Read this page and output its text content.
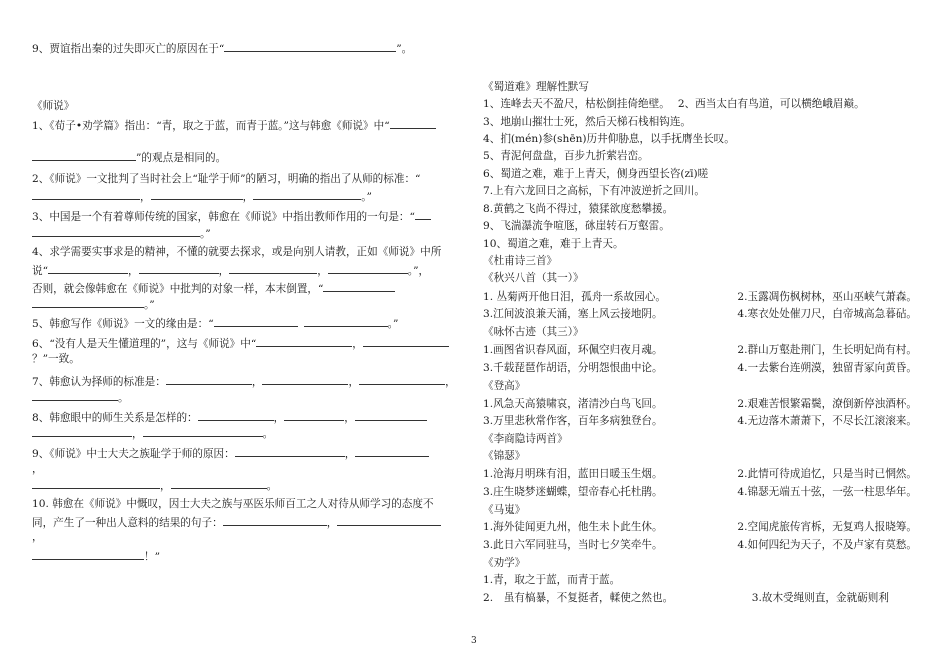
9、贾谊指出秦的过失即灭亡的原因在于“	”。
《师说》
1、《荀子•劝学篇》指出：“青，取之于蓝，而青于蓝。”这与韩愈《师说》中“
”的观点是相同的。
2、《师说》一文批判了当时社会上“耻学于师”的陋习，明确的指出了从师的标准：“
，	，	。”
3、中国是一个有着尊师传统的国家，韩愈在《师说》中指出教师作用的一句是：“
。”
4、求学需要实事求是的精神，不懂的就要去探求，或是向别人请教，正如《师说》中所
说“	，	，	，	。”，
否则，就会像韩愈在《师说》中批判的对象一样，本末倒置，“
。”
5、韩愈写作《师说》一文的缘由是：“	。”
6、“没有人是天生懂道理的”，这与《师说》中“	，
？”一致。
7、韩愈认为择师的标准是：	，	，	，
。
8、韩愈眼中的师生关系是怎样的：	，	，
，	。
9、《师说》中士大夫之族耻学于师的原因：	，
，
，	。
10. 韩愈在《师说》中慨叹，因士大夫之族与巫医乐师百工之人对待从师学习的态度不
同，产生了一种出人意料的结果的句子：	，
，
！”
《蜀道难》理解性默写
1、连峰去天不盈尺，枯松倒挂倚绝壁。 2、西当太白有鸟道，可以横绝峨眉巅。
3、地崩山摧壮士死，然后天梯石栈相钩连。
4、扪(mén)参(shēn)历井仰胁息，以手抚膺坐长叹。
5、青泥何盘盘，百步九折萦岩峦。
6、蜀道之难，难于上青天，侧身西望长咨(zī)嗟
7.上有六龙回日之高标，下有冲波逆折之回川。
8.黄鹤之飞尚不得过，猿猱欲度愁攀援。
9、飞湍瀑流争喧豗，砯崖转石万壑雷。
10、蜀道之难，难于上青天。
《杜甫诗三首》
《秋兴八首（其一）》
1. 丛菊两开他日泪，孤舟一系故园心。	2.玉露凋伤枫树林，巫山巫峡气萧森。
3.江间波浪兼天涌，塞上风云接地阴。	4.寒衣处处催刀尺，白帝城高急暮砧。
《咏怀古迹（其三）》
1.画图省识春风面，环佩空归夜月魂。	2.群山万壑赴荆门，生长明妃尚有村。
3.千载琵琶作胡语，分明怨恨曲中论。	4.一去紫台连朔漠，独留青冢向黄昏。
《登高》
1.风急天高猿啸哀，渚清沙白鸟飞回。	2.艰难苦恨繁霜鬓，潦倒新停浊酒杯。
3.万里悲秋常作客，百年多病独登台。	4.无边落木萧萧下，不尽长江滚滚来。
《李商隐诗两首》
《锦瑟》
1.沧海月明珠有泪，蓝田日暖玉生烟。	2.此情可待成追忆，只是当时已惘然。
3.庄生晓梦迷蝴蝶，望帝春心托杜鹃。	4.锦瑟无端五十弦，一弦一柱思华年。
《马嵬》
1.海外徒闻更九州，他生未卜此生休。	2.空闻虎旅传宵柝，无复鸡人报晓筹。
3.此日六军同驻马，当时七夕笑牵牛。	4.如何四纪为天子，不及卢家有莫愁。
《劝学》
1.青，取之于蓝，而青于蓝。
2.　虽有槁暴，不复挺者，輮使之然也。	3.故木受绳则直，金就砺则利
3
